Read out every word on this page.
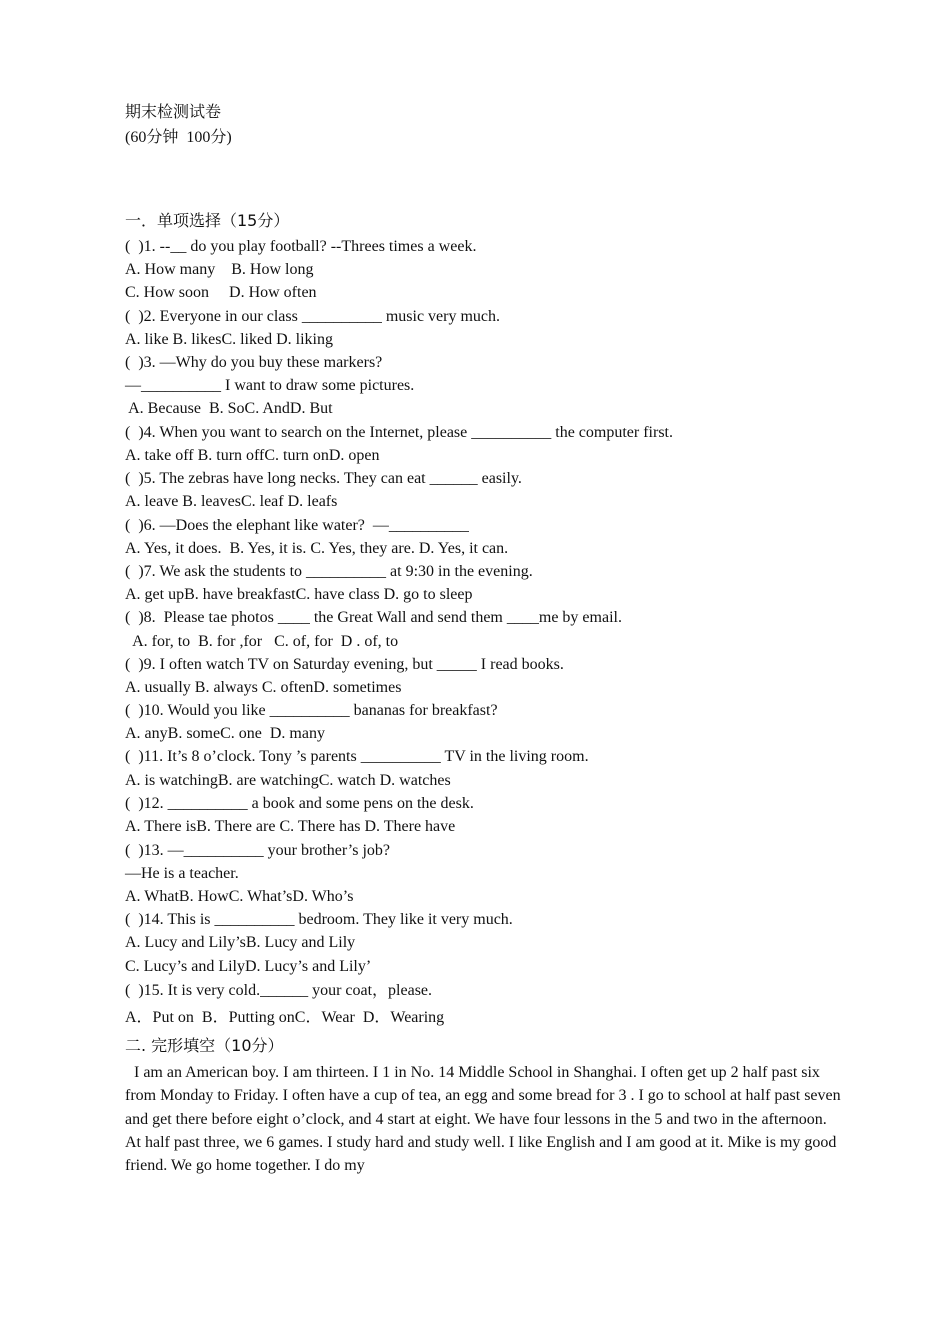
期末检测试卷
(60分钟  100分)
一．单项选择（15分）
(  )1. --__ do you play football? --Threes times a week.
A. How many    B. How long
C. How soon     D. How often
(  )2. Everyone in our class __________ music very much.
A. like B. likesC. liked D. liking
(  )3. —Why do you buy these markers?
—__________ I want to draw some pictures.
A. Because  B. SoC. AndD. But
(  )4. When you want to search on the Internet, please __________ the computer first.
A. take off B. turn offC. turn onD. open
(  )5. The zebras have long necks. They can eat ______ easily.
A. leave B. leavesC. leaf D. leafs
(  )6. —Does the elephant like water?  —__________
A. Yes, it does.  B. Yes, it is. C. Yes, they are. D. Yes, it can.
(  )7. We ask the students to __________ at 9:30 in the evening.
A. get upB. have breakfastC. have class D. go to sleep
(  )8.  Please tae photos ____ the Great Wall and send them ____me by email.
A. for, to  B. for ,for   C. of, for  D . of, to
(  )9. I often watch TV on Saturday evening, but _____ I read books.
A. usually B. always C. oftenD. sometimes
(  )10. Would you like __________ bananas for breakfast?
A. anyB. someC. one  D. many
(  )11. It’s 8 o’clock. Tony ’s parents __________ TV in the living room.
A. is watchingB. are watchingC. watch D. watches
(  )12. __________ a book and some pens on the desk.
A. There isB. There are C. There has D. There have
(  )13. —__________ your brother’s job?
—He is a teacher.
A. WhatB. HowC. What’sD. Who’s
(  )14. This is __________ bedroom. They like it very much.
A. Lucy and Lily’sB. Lucy and Lily
C. Lucy’s and LilyD. Lucy’s and Lily’
(  )15. It is very cold.______ your coat，please.
A．Put on  B．Putting onC．Wear  D．Wearing
二. 完形填空（10分）
I am an American boy. I am thirteen. I 1 in No. 14 Middle School in Shanghai. I often get up 2 half past six from Monday to Friday. I often have a cup of tea, an egg and some bread for 3 . I go to school at half past seven and get there before eight o’clock, and 4 start at eight. We have four lessons in the 5 and two in the afternoon. At half past three, we 6 games. I study hard and study well. I like English and I am good at it. Mike is my good friend. We go home together. I do my
